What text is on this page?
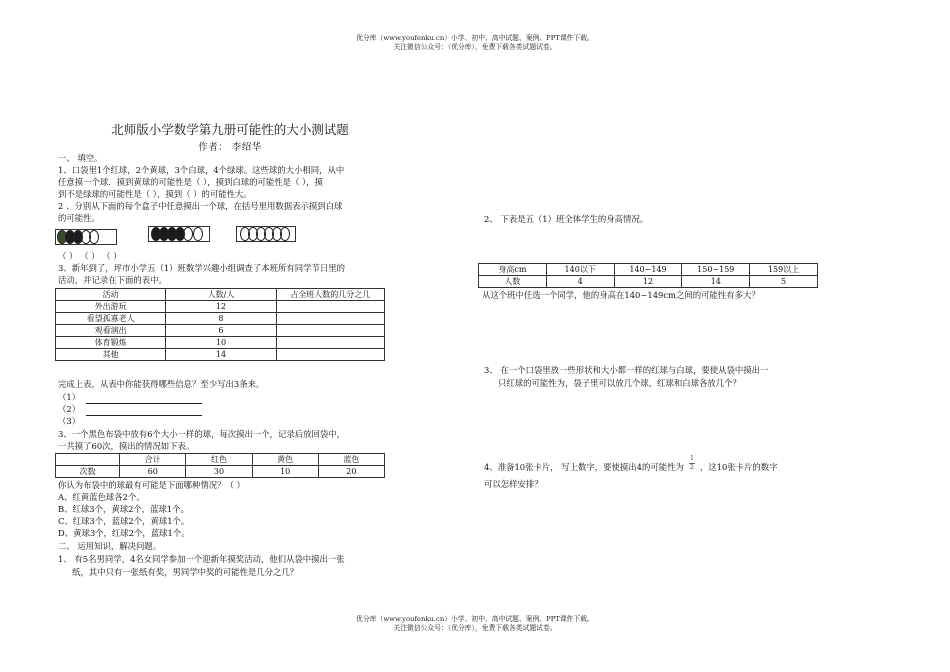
优分库（www.youfenku.cn）小学、初中、高中试题、案例、PPT课件下载。
关注微信公众号：（优分库），免费下载各类试题试卷。
优分库（www.youfenku.cn）小学、初中、高中试题、案例、PPT课件下载。
关注微信公众号：（优分库），免费下载各类试题试卷。
北师版小学数学第九册可能性的大小测试题
作者： 李绍华
一、 填空。
1、口袋里1个红球，2个黄球，3个白球，4个绿球。这些球的大小相同，从中
任意摸一个球．摸到黄球的可能性是（ ），摸到白球的可能性是（ ），摸
到不是绿球的可能性是（ ），摸到（ ）的可能性大。
2 、分别从下面的每个盒子中任意摸出一个球，在括号里用数据表示摸到白球
的可能性。
（ ） （ ） （ ）
3、新年到了，坪市小学五（1）班数学兴趣小组调查了本班所有同学节日里的
活动，并记录在下面的表中。
活动	人数/人	占全班人数的几分之几
外出游玩	12	
看望孤寡老人	8	
观看演出	6	
体育锻炼	10	
其他	14	
完成上表，从表中你能获得哪些信息？至少写出3条来。
（1）
（2）
（3）
3、一个黑色布袋中放有6个大小一样的球，每次摸出一个，记录后放回袋中，
一共摸了60次，摸出的情况如下表。
	合计	红色	黄色	蓝色
次数	60	30	10	20
你认为布袋中的球最有可能是下面哪种情况？（ ）
A、红黄蓝色球各2个。
B、红球3个，黄球2个，蓝球1个。
C、红球3个，蓝球2个，黄球1个。
D、黄球3个，红球2个，蓝球1个。
二、 运用知识，解决问题。
1、 有5名男同学，4名女同学参加一个迎新年摸奖活动，他们从袋中摸出一张
纸，其中只有一张纸有奖，男同学中奖的可能性是几分之几？
2、 下表是五（1）班全体学生的身高情况。
身高cm	140以下	140~149	150~159	159以上
人数	4	12	14	5
从这个班中任选一个同学，他的身高在140~149cm之间的可能性有多大？
3、 在一个口袋里放一些形状和大小都一样的红球与白球，要使从袋中摸出一
只红球的可能性为，袋子里可以放几个球，红球和白球各放几个？
4、准备10张卡片， 写上数字，要使摸出4的可能性为 $\frac{1}{2}$ ，这10张卡片的数字
可以怎样安排？
